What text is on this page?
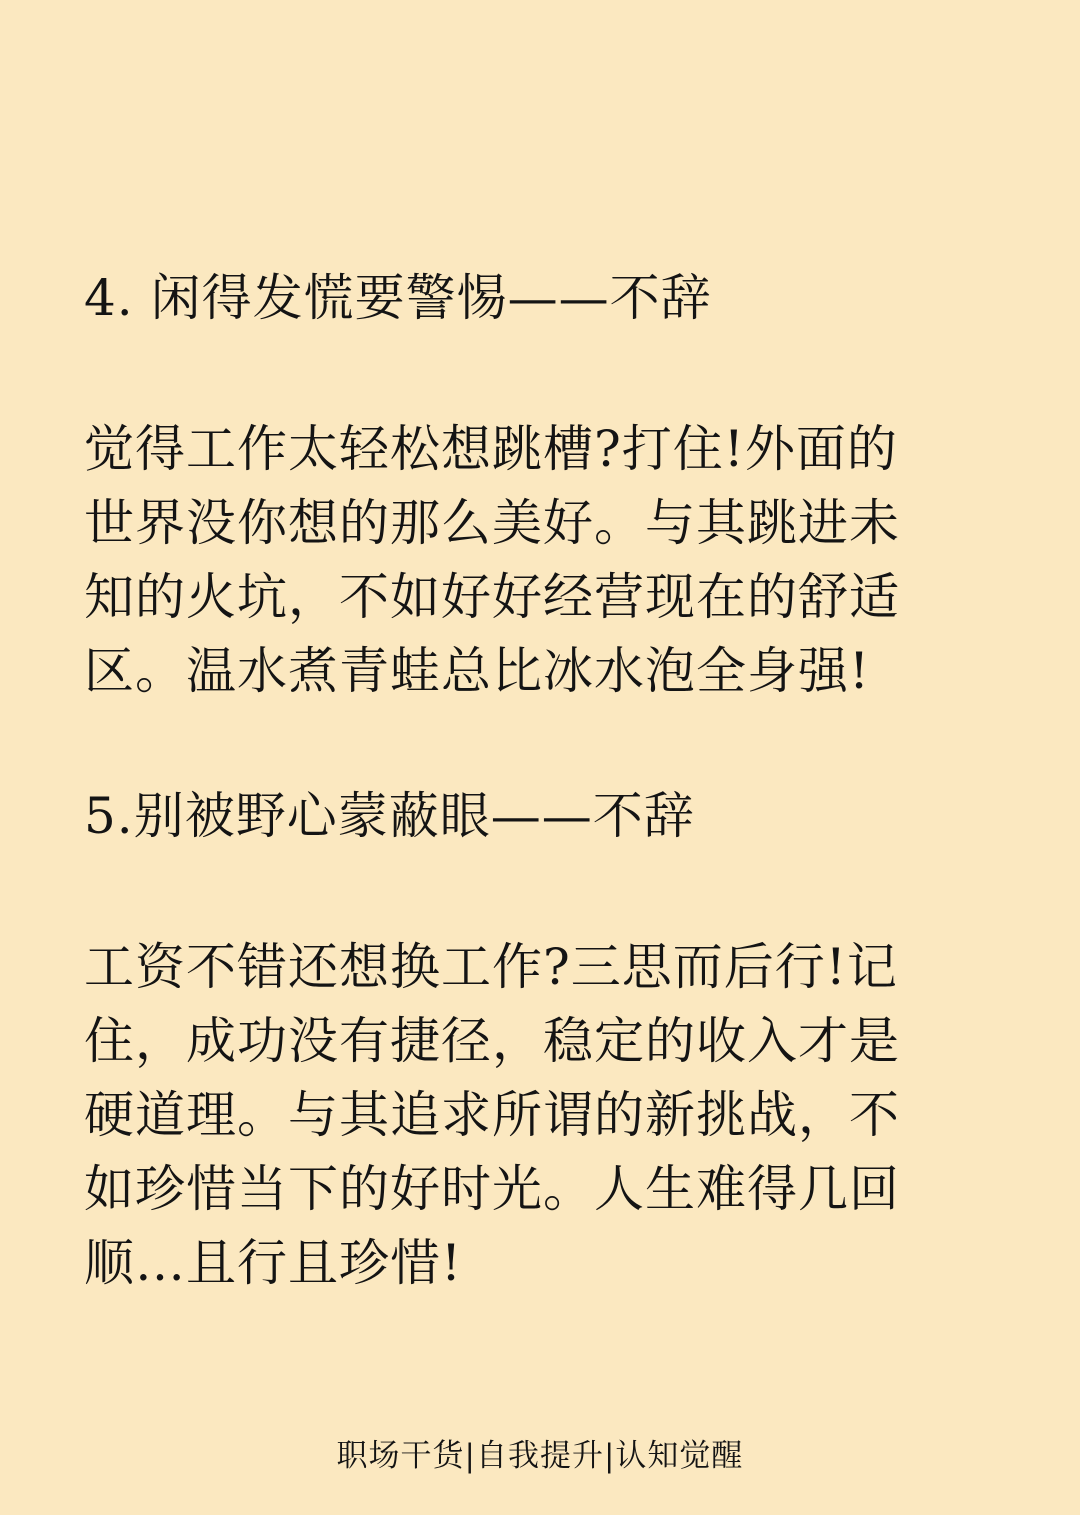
4. 闲得发慌要警惕——不辞
觉得工作太轻松想跳槽?打住!外面的
世界没你想的那么美好。与其跳进未
知的火坑，不如好好经营现在的舒适
区。温水煮青蛙总比冰水泡全身强!
5.别被野心蒙蔽眼——不辞
工资不错还想换工作?三思而后行!记
住，成功没有捷径，稳定的收入才是
硬道理。与其追求所谓的新挑战，不
如珍惜当下的好时光。人生难得几回
顺…且行且珍惜!
职场干货|自我提升|认知觉醒
